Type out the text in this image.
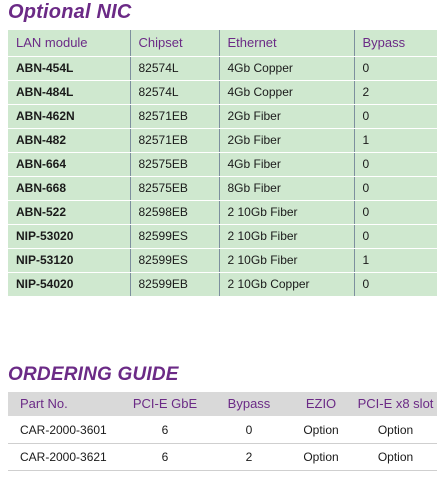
Optional NIC
LAN module	Chipset	Ethernet	Bypass
ABN-454L	82574L	4Gb Copper	0
ABN-484L	82574L	4Gb Copper	2
ABN-462N	82571EB	2Gb Fiber	0
ABN-482	82571EB	2Gb Fiber	1
ABN-664	82575EB	4Gb Fiber	0
ABN-668	82575EB	8Gb Fiber	0
ABN-522	82598EB	2 10Gb Fiber	0
NIP-53020	82599ES	2 10Gb Fiber	0
NIP-53120	82599ES	2 10Gb Fiber	1
NIP-54020	82599EB	2 10Gb Copper	0
ORDERING GUIDE
Part No.	PCI-E GbE	Bypass	EZIO	PCI-E x8 slot
CAR-2000-3601	6	0	Option	Option
CAR-2000-3621	6	2	Option	Option
